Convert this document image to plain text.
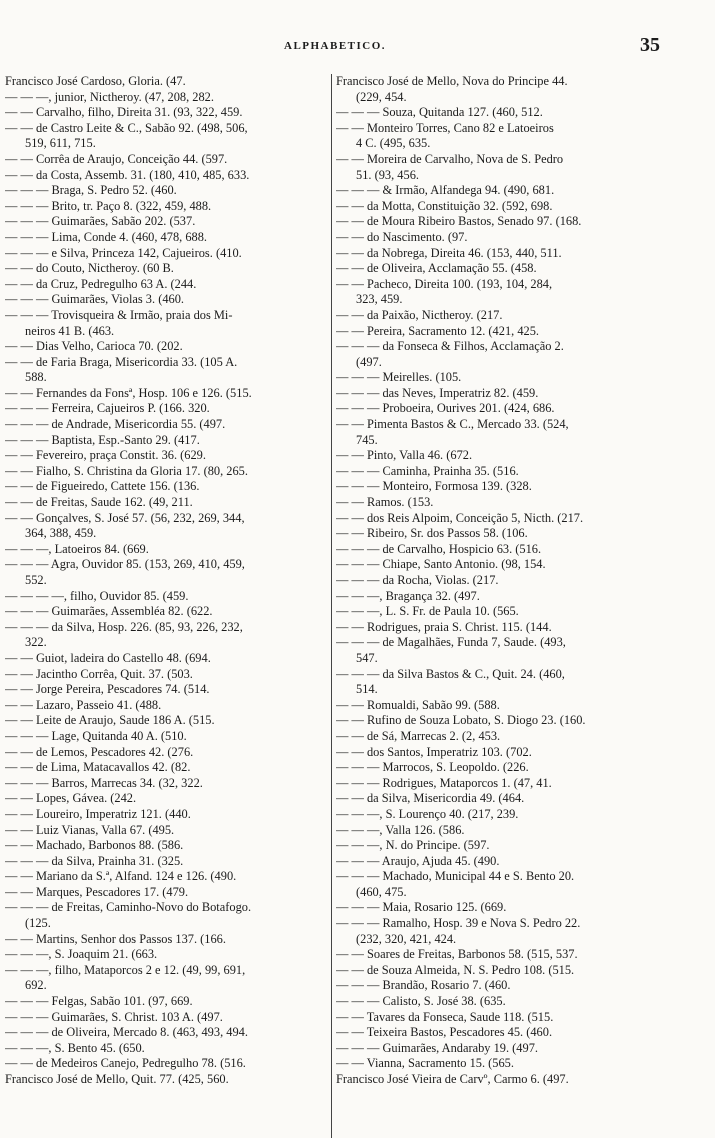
ALPHABETICO.	35
Francisco José Cardoso, Gloria. (47.
— — —, junior, Nictheroy. (47, 208, 282.
— — Carvalho, filho, Direita 31. (93, 322, 459.
— — de Castro Leite & C., Sabão 92. (498, 506,
519, 611, 715.
— — Corrêa de Araujo, Conceição 44. (597.
— — da Costa, Assemb. 31. (180, 410, 485, 633.
— — — Braga, S. Pedro 52. (460.
— — — Brito, tr. Paço 8. (322, 459, 488.
— — — Guimarães, Sabão 202. (537.
— — — Lima, Conde 4. (460, 478, 688.
— — — e Silva, Princeza 142, Cajueiros. (410.
— — do Couto, Nictheroy. (60 B.
— — da Cruz, Pedregulho 63 A. (244.
— — — Guimarães, Violas 3. (460.
— — — Trovisqueira & Irmão, praia dos Mi-
neiros 41 B. (463.
— — Dias Velho, Carioca 70. (202.
— — de Faria Braga, Misericordia 33. (105 A.
588.
— — Fernandes da Fonsª, Hosp. 106 e 126. (515.
— — — Ferreira, Cajueiros P. (166. 320.
— — — de Andrade, Misericordia 55. (497.
— — — Baptista, Esp.-Santo 29. (417.
— — Fevereiro, praça Constit. 36. (629.
— — Fialho, S. Christina da Gloria 17. (80, 265.
— — de Figueiredo, Cattete 156. (136.
— — de Freitas, Saude 162. (49, 211.
— — Gonçalves, S. José 57. (56, 232, 269, 344,
364, 388, 459.
— — —, Latoeiros 84. (669.
— — — Agra, Ouvidor 85. (153, 269, 410, 459,
552.
— — — —, filho, Ouvidor 85. (459.
— — — Guimarães, Assembléa 82. (622.
— — — da Silva, Hosp. 226. (85, 93, 226, 232,
322.
— — Guiot, ladeira do Castello 48. (694.
— — Jacintho Corrêa, Quit. 37. (503.
— — Jorge Pereira, Pescadores 74. (514.
— — Lazaro, Passeio 41. (488.
— — Leite de Araujo, Saude 186 A. (515.
— — — Lage, Quitanda 40 A. (510.
— — de Lemos, Pescadores 42. (276.
— — de Lima, Matacavallos 42. (82.
— — — Barros, Marrecas 34. (32, 322.
— — Lopes, Gávea. (242.
— — Loureiro, Imperatriz 121. (440.
— — Luiz Vianas, Valla 67. (495.
— — Machado, Barbonos 88. (586.
— — — da Silva, Prainha 31. (325.
— — Mariano da S.ª, Alfand. 124 e 126. (490.
— — Marques, Pescadores 17. (479.
— — — de Freitas, Caminho-Novo do Botafogo.
(125.
— — Martins, Senhor dos Passos 137. (166.
— — —, S. Joaquim 21. (663.
— — —, filho, Mataporcos 2 e 12. (49, 99, 691,
692.
— — — Felgas, Sabão 101. (97, 669.
— — — Guimarães, S. Christ. 103 A. (497.
— — — de Oliveira, Mercado 8. (463, 493, 494.
— — —, S. Bento 45. (650.
— — de Medeiros Canejo, Pedregulho 78. (516.
Francisco José de Mello, Quit. 77. (425, 560.
Francisco José de Mello, Nova do Principe 44.
(229, 454.
— — — Souza, Quitanda 127. (460, 512.
— — Monteiro Torres, Cano 82 e Latoeiros
4 C. (495, 635.
— — Moreira de Carvalho, Nova de S. Pedro
51. (93, 456.
— — — & Irmão, Alfandega 94. (490, 681.
— — da Motta, Constituição 32. (592, 698.
— — de Moura Ribeiro Bastos, Senado 97. (168.
— — do Nascimento. (97.
— — da Nobrega, Direita 46. (153, 440, 511.
— — de Oliveira, Acclamação 55. (458.
— — Pacheco, Direita 100. (193, 104, 284,
323, 459.
— — da Paixão, Nictheroy. (217.
— — Pereira, Sacramento 12. (421, 425.
— — — da Fonseca & Filhos, Acclamação 2.
(497.
— — — Meirelles. (105.
— — — das Neves, Imperatriz 82. (459.
— — — Proboeira, Ourives 201. (424, 686.
— — Pimenta Bastos & C., Mercado 33. (524,
745.
— — Pinto, Valla 46. (672.
— — — Caminha, Prainha 35. (516.
— — — Monteiro, Formosa 139. (328.
— — Ramos. (153.
— — dos Reis Alpoim, Conceição 5, Nicth. (217.
— — Ribeiro, Sr. dos Passos 58. (106.
— — — de Carvalho, Hospicio 63. (516.
— — — Chiape, Santo Antonio. (98, 154.
— — — da Rocha, Violas. (217.
— — —, Bragança 32. (497.
— — —, L. S. Fr. de Paula 10. (565.
— — Rodrigues, praia S. Christ. 115. (144.
— — — de Magalhães, Funda 7, Saude. (493,
547.
— — — da Silva Bastos & C., Quit. 24. (460,
514.
— — Romualdi, Sabão 99. (588.
— — Rufino de Souza Lobato, S. Diogo 23. (160.
— — de Sá, Marrecas 2. (2, 453.
— — dos Santos, Imperatriz 103. (702.
— — — Marrocos, S. Leopoldo. (226.
— — — Rodrigues, Mataporcos 1. (47, 41.
— — da Silva, Misericordia 49. (464.
— — —, S. Lourenço 40. (217, 239.
— — —, Valla 126. (586.
— — —, N. do Principe. (597.
— — — Araujo, Ajuda 45. (490.
— — — Machado, Municipal 44 e S. Bento 20.
(460, 475.
— — — Maia, Rosario 125. (669.
— — — Ramalho, Hosp. 39 e Nova S. Pedro 22.
(232, 320, 421, 424.
— — Soares de Freitas, Barbonos 58. (515, 537.
— — de Souza Almeida, N. S. Pedro 108. (515.
— — — Brandão, Rosario 7. (460.
— — — Calisto, S. José 38. (635.
— — Tavares da Fonseca, Saude 118. (515.
— — Teixeira Bastos, Pescadores 45. (460.
— — — Guimarães, Andaraby 19. (497.
— — Vianna, Sacramento 15. (565.
Francisco José Vieira de Carvº, Carmo 6. (497.
